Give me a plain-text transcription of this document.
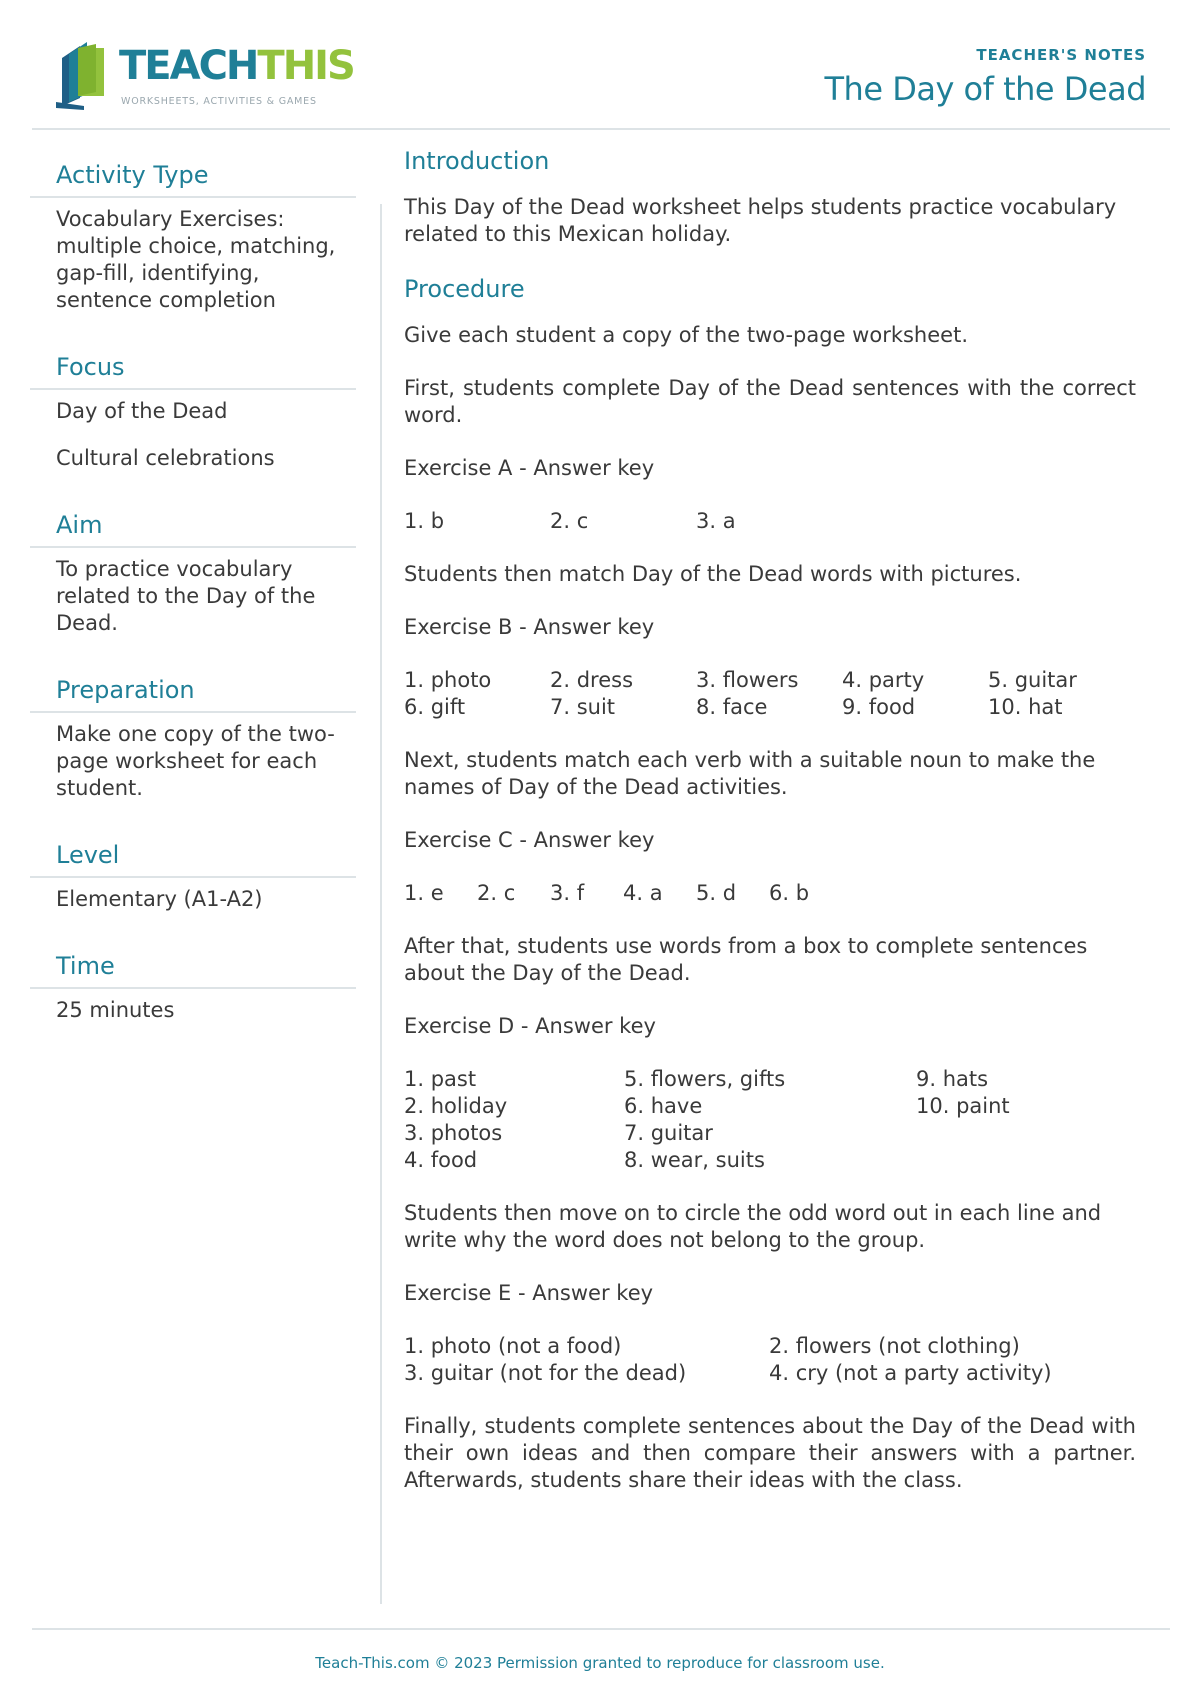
TEACHTHIS
WORKSHEETS, ACTIVITIES & GAMES
TEACHER'S NOTES
The Day of the Dead
Activity Type

Vocabulary Exercises: multiple choice, matching, gap-fill, identifying, sentence completion

Focus

Day of the Dead

Cultural celebrations

Aim

To practice vocabulary related to the Day of the Dead.

Preparation

Make one copy of the two-page worksheet for each student.

Level

Elementary (A1-A2)

Time

25 minutes

Introduction

This Day of the Dead worksheet helps students practice vocabulary related to this Mexican holiday.

Procedure

Give each student a copy of the two-page worksheet.

First, students complete Day of the Dead sentences with the correct word.

Exercise A - Answer key

1. b	2. c	3. a

Students then match Day of the Dead words with pictures.

Exercise B - Answer key

1. photo	2. dress	3. flowers	4. party	5. guitar
6. gift	7. suit	8. face	9. food	10. hat

Next, students match each verb with a suitable noun to make the names of Day of the Dead activities.

Exercise C - Answer key

1. e	2. c	3. f	4. a	5. d	6. b

After that, students use words from a box to complete sentences about the Day of the Dead.

Exercise D - Answer key

1. past
2. holiday
3. photos
4. food
5. flowers, gifts
6. have
7. guitar
8. wear, suits
9. hats
10. paint

Students then move on to circle the odd word out in each line and write why the word does not belong to the group.

Exercise E - Answer key

1. photo (not a food)	2. flowers (not clothing)
3. guitar (not for the dead)	4. cry (not a party activity)

Finally, students complete sentences about the Day of the Dead with their own ideas and then compare their answers with a partner. Afterwards, students share their ideas with the class.

Teach-This.com © 2023 Permission granted to reproduce for classroom use.
